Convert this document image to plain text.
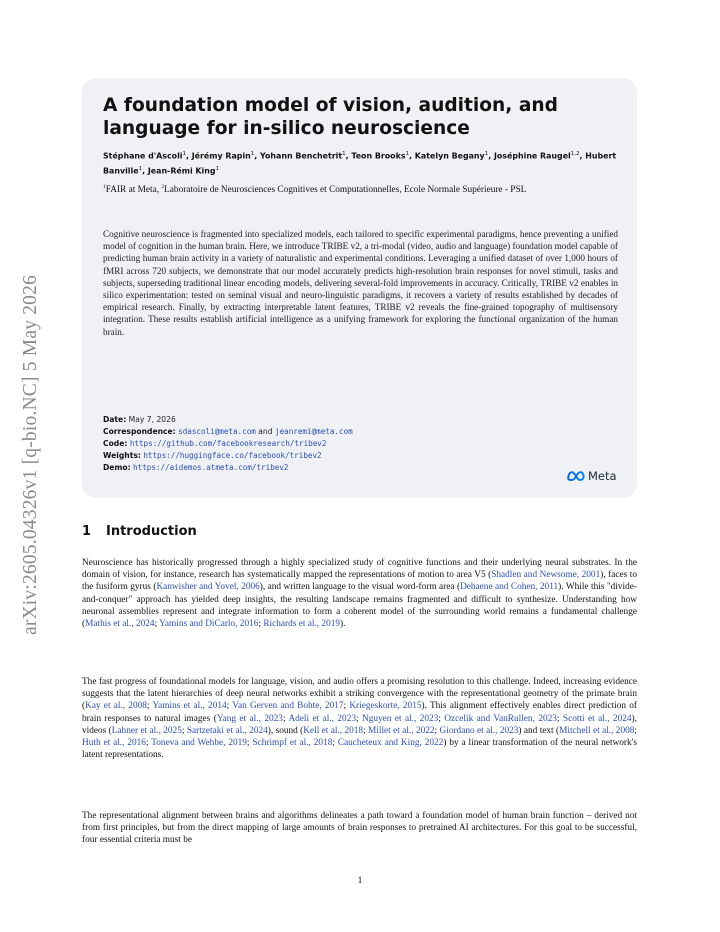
arXiv:2605.04326v1 [q-bio.NC] 5 May 2026
A foundation model of vision, audition, and language for in-silico neuroscience

Stéphane d'Ascoli$^1$, Jérémy Rapin$^1$, Yohann Benchetrit$^1$, Teon Brooks$^1$, Katelyn Begany$^1$, Joséphine Raugel$^{1,2}$, Hubert Banville$^1$, Jean-Rémi King$^1$

$^1$FAIR at Meta, $^2$Laboratoire de Neurosciences Cognitives et Computationnelles, Ecole Normale Supérieure - PSL

Cognitive neuroscience is fragmented into specialized models, each tailored to specific experimental paradigms, hence preventing a unified model of cognition in the human brain. Here, we introduce TRIBE v2, a tri-modal (video, audio and language) foundation model capable of predicting human brain activity in a variety of naturalistic and experimental conditions. Leveraging a unified dataset of over 1,000 hours of fMRI across 720 subjects, we demonstrate that our model accurately predicts high-resolution brain responses for novel stimuli, tasks and subjects, superseding traditional linear encoding models, delivering several-fold improvements in accuracy. Critically, TRIBE v2 enables in silico experimentation: tested on seminal visual and neuro-linguistic paradigms, it recovers a variety of results established by decades of empirical research. Finally, by extracting interpretable latent features, TRIBE v2 reveals the fine-grained topography of multisensory integration. These results establish artificial intelligence as a unifying framework for exploring the functional organization of the human brain.

Date: May 7, 2026
Correspondence: sdascoli@meta.com and jeanremi@meta.com
Code: https://github.com/facebookresearch/tribev2
Weights: https://huggingface.co/facebook/tribev2
Demo: https://aidemos.atmeta.com/tribev2
Meta
1 Introduction

Neuroscience has historically progressed through a highly specialized study of cognitive functions and their underlying neural substrates. In the domain of vision, for instance, research has systematically mapped the representations of motion to area V5 (Shadlen and Newsome, 2001), faces to the fusiform gyrus (Kanwisher and Yovel, 2006), and written language to the visual word-form area (Dehaene and Cohen, 2011). While this "divide-and-conquer" approach has yielded deep insights, the resulting landscape remains fragmented and difficult to synthesize. Understanding how neuronal assemblies represent and integrate information to form a coherent model of the surrounding world remains a fundamental challenge (Mathis et al., 2024; Yamins and DiCarlo, 2016; Richards et al., 2019).

The fast progress of foundational models for language, vision, and audio offers a promising resolution to this challenge. Indeed, increasing evidence suggests that the latent hierarchies of deep neural networks exhibit a striking convergence with the representational geometry of the primate brain (Kay et al., 2008; Yamins et al., 2014; Van Gerven and Bohte, 2017; Kriegeskorte, 2015). This alignment effectively enables direct prediction of brain responses to natural images (Yang et al., 2023; Adeli et al., 2023; Nguyen et al., 2023; Ozcelik and VanRullen, 2023; Scotti et al., 2024), videos (Lahner et al., 2025; Sartzetaki et al., 2024), sound (Kell et al., 2018; Millet et al., 2022; Giordano et al., 2023) and text (Mitchell et al., 2008; Huth et al., 2016; Toneva and Wehbe, 2019; Schrimpf et al., 2018; Caucheteux and King, 2022) by a linear transformation of the neural network's latent representations.

The representational alignment between brains and algorithms delineates a path toward a foundation model of human brain function – derived not from first principles, but from the direct mapping of large amounts of brain responses to pretrained AI architectures. For this goal to be successful, four essential criteria must be

1
